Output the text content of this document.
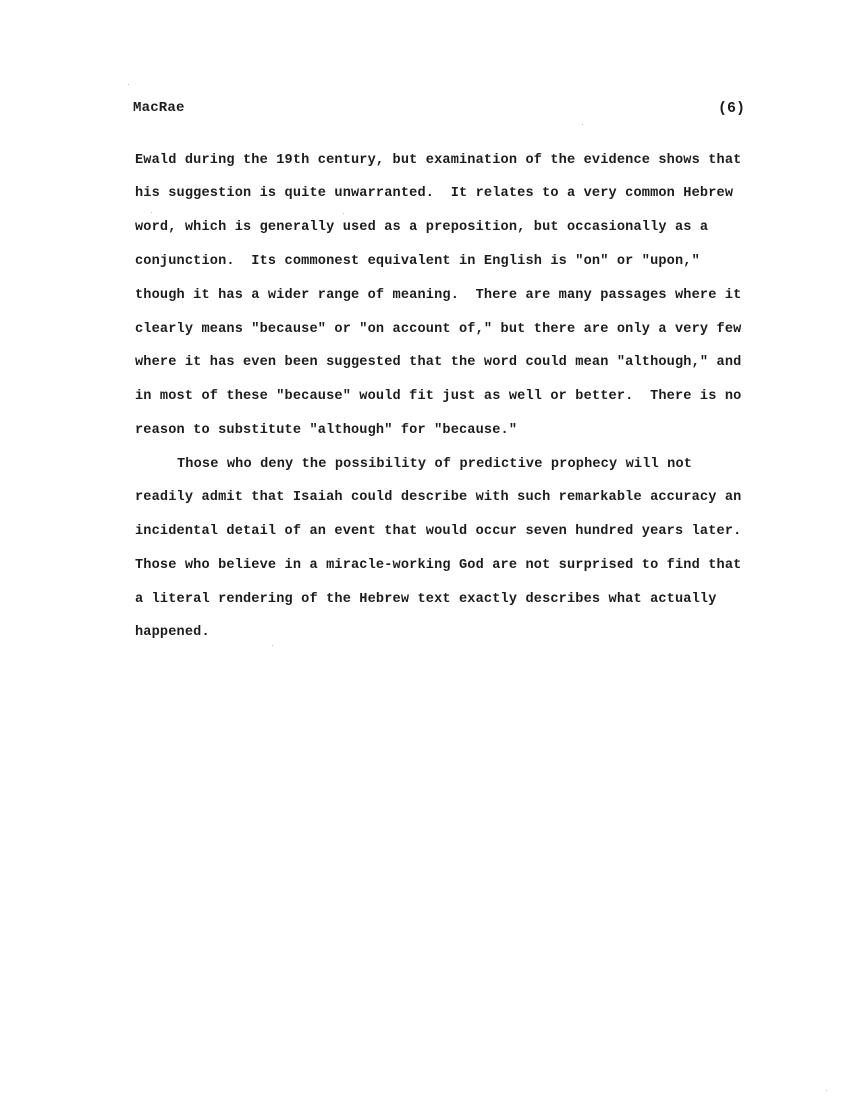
MacRae	(6)
Ewald during the 19th century, but examination of the evidence shows that
his suggestion is quite unwarranted.  It relates to a very common Hebrew
word, which is generally used as a preposition, but occasionally as a
conjunction.  Its commonest equivalent in English is "on" or "upon,"
though it has a wider range of meaning.  There are many passages where it
clearly means "because" or "on account of," but there are only a very few
where it has even been suggested that the word could mean "although," and
in most of these "because" would fit just as well or better.  There is no
reason to substitute "although" for "because."
Those who deny the possibility of predictive prophecy will not
readily admit that Isaiah could describe with such remarkable accuracy an
incidental detail of an event that would occur seven hundred years later.
Those who believe in a miracle-working God are not surprised to find that
a literal rendering of the Hebrew text exactly describes what actually
happened.
